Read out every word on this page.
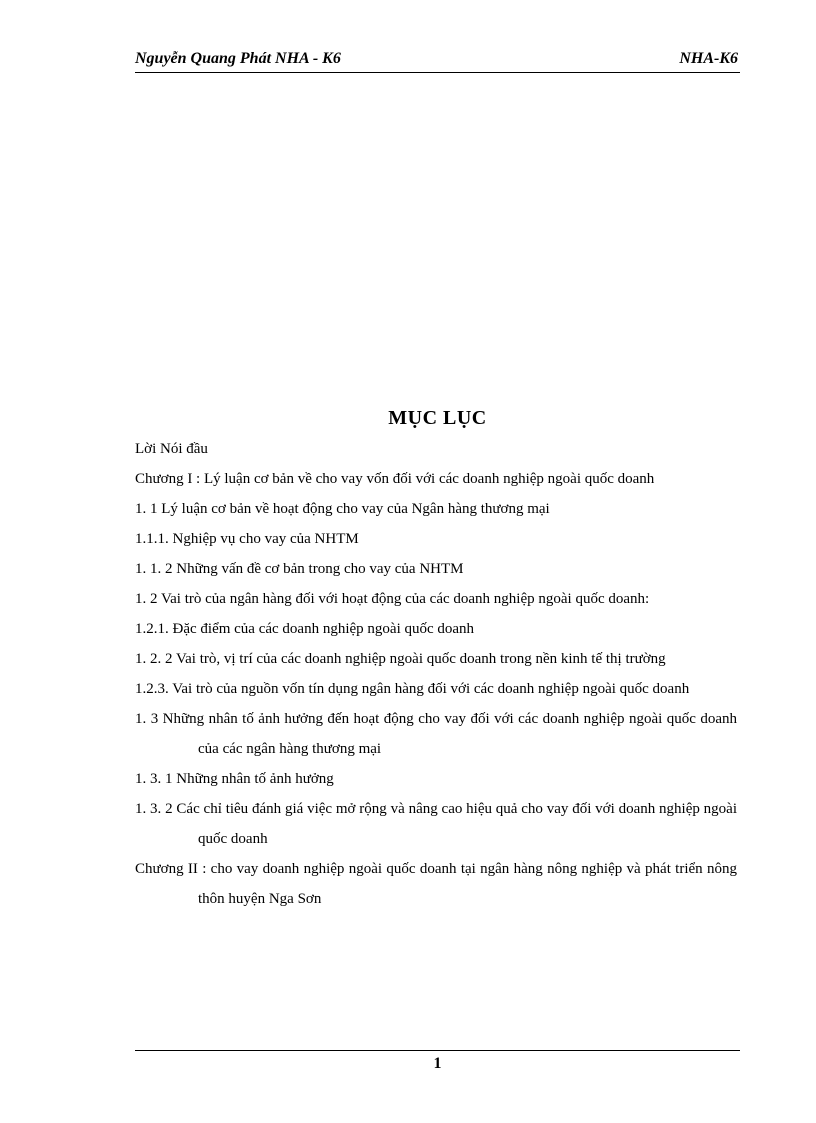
Nguyễn Quang Phát NHA - K6	NHA-K6
MỤC LỤC
Lời Nói đầu
Chương I : Lý luận cơ bản về cho vay vốn đối với các doanh nghiệp ngoài quốc doanh
1. 1 Lý luận cơ bản về hoạt động cho vay của Ngân hàng thương mại
1.1.1. Nghiệp vụ cho vay của NHTM
1. 1. 2 Những vấn đề cơ bản trong cho vay của NHTM
1. 2 Vai trò của ngân hàng đối với hoạt động của các doanh nghiệp ngoài quốc doanh:
1.2.1. Đặc điểm của các doanh nghiệp ngoài quốc doanh
1. 2. 2 Vai trò, vị trí của các doanh nghiệp ngoài quốc doanh trong nền kinh tế thị trường
1.2.3. Vai trò của nguồn vốn tín dụng ngân hàng đối với các doanh nghiệp ngoài quốc doanh
1. 3 Những nhân tố ảnh hưởng đến hoạt động cho vay đối với các doanh nghiệp ngoài quốc doanh của các ngân hàng thương mại
1. 3. 1 Những nhân tố ảnh hưởng
1. 3. 2 Các chỉ tiêu đánh giá việc mở rộng và nâng cao hiệu quả cho vay đối với doanh nghiệp ngoài quốc doanh
Chương II : cho vay doanh nghiệp ngoài quốc doanh tại ngân hàng nông nghiệp và phát triển nông thôn huyện Nga Sơn
1
